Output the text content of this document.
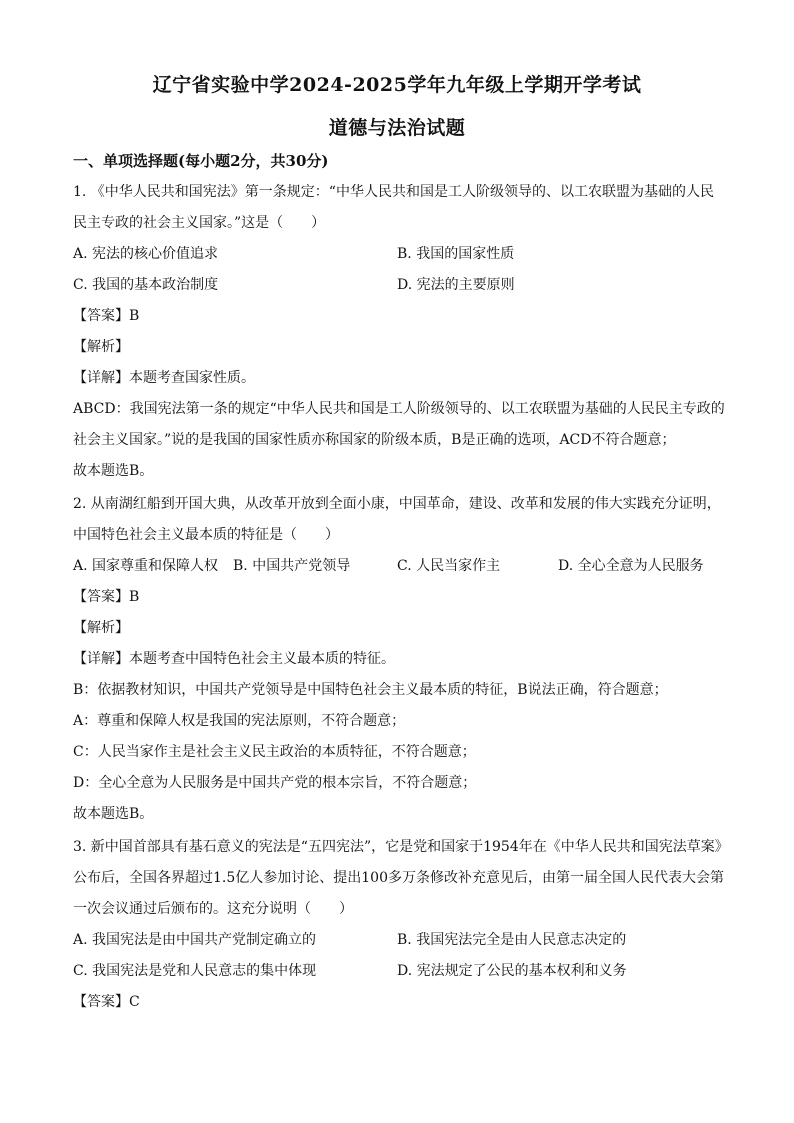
辽宁省实验中学2024-2025学年九年级上学期开学考试
道德与法治试题
一、单项选择题(每小题2分，共30分)
1. 《中华人民共和国宪法》第一条规定：“中华人民共和国是工人阶级领导的、以工农联盟为基础的人民
民主专政的社会主义国家。”这是（　　）
A. 宪法的核心价值追求	B. 我国的国家性质
C. 我国的基本政治制度	D. 宪法的主要原则
【答案】B
【解析】
【详解】本题考查国家性质。
ABCD：我国宪法第一条的规定“中华人民共和国是工人阶级领导的、以工农联盟为基础的人民民主专政的
社会主义国家。”说的是我国的国家性质亦称国家的阶级本质，B是正确的选项，ACD不符合题意；
故本题选B。
2. 从南湖红船到开国大典，从改革开放到全面小康，中国革命，建设、改革和发展的伟大实践充分证明，
中国特色社会主义最本质的特征是（　　）
A. 国家尊重和保障人权 B. 中国共产党领导	C. 人民当家作主	D. 全心全意为人民服务
【答案】B
【解析】
【详解】本题考查中国特色社会主义最本质的特征。
B：依据教材知识，中国共产党领导是中国特色社会主义最本质的特征，B说法正确，符合题意；
A：尊重和保障人权是我国的宪法原则，不符合题意；
C：人民当家作主是社会主义民主政治的本质特征，不符合题意；
D：全心全意为人民服务是中国共产党的根本宗旨，不符合题意；
故本题选B。
3. 新中国首部具有基石意义的宪法是“五四宪法”，它是党和国家于1954年在《中华人民共和国宪法草案》
公布后，全国各界超过1.5亿人参加讨论、提出100多万条修改补充意见后，由第一届全国人民代表大会第
一次会议通过后颁布的。这充分说明（　　）
A. 我国宪法是由中国共产党制定确立的	B. 我国宪法完全是由人民意志决定的
C. 我国宪法是党和人民意志的集中体现	D. 宪法规定了公民的基本权利和义务
【答案】C
